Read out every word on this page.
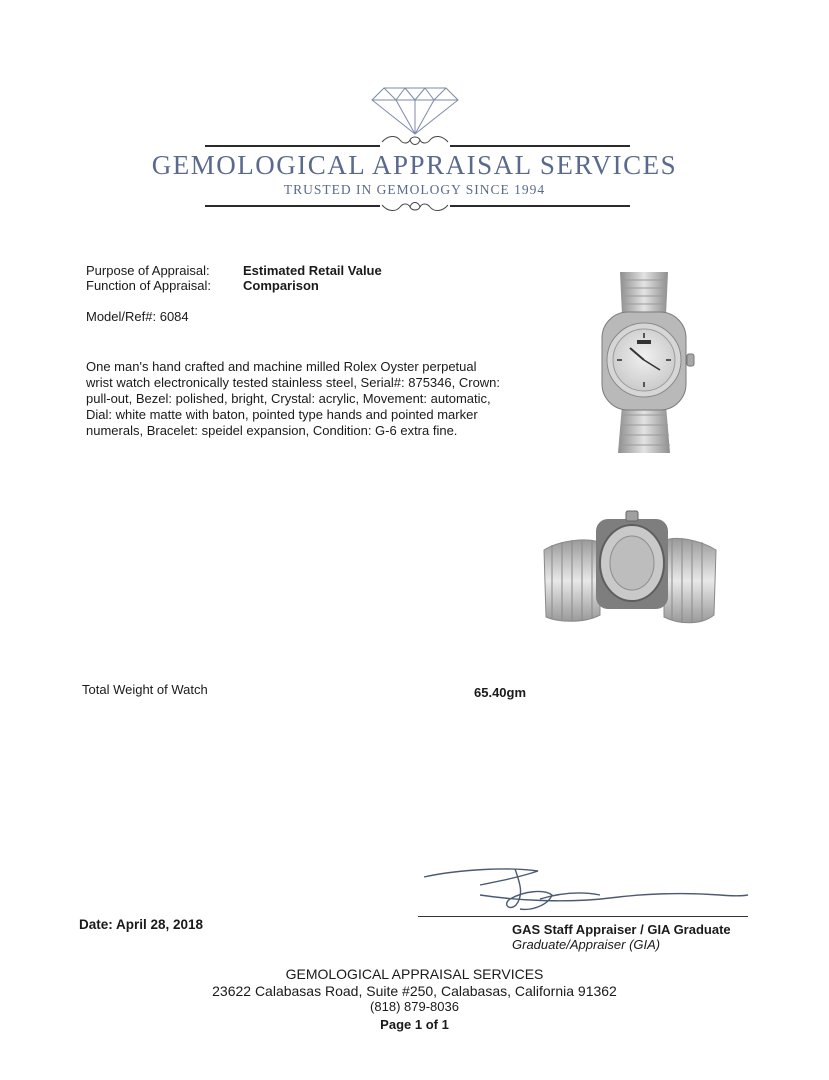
GEMOLOGICAL APPRAISAL SERVICES
TRUSTED IN GEMOLOGY SINCE 1994
Purpose of Appraisal:	Estimated Retail Value
Function of Appraisal: Comparison
Model/Ref#: 6084
One man's hand crafted and machine milled Rolex Oyster perpetual wrist watch electronically tested stainless steel, Serial#: 875346, Crown: pull-out, Bezel: polished, bright, Crystal: acrylic, Movement: automatic, Dial: white matte with baton, pointed type hands and pointed marker numerals, Bracelet: speidel expansion, Condition: G-6 extra fine.
Total Weight of Watch	65.40gm
Date: April 28, 2018	GAS Staff Appraiser / GIA Graduate
Graduate/Appraiser (GIA)
GEMOLOGICAL APPRAISAL SERVICES
23622 Calabasas Road, Suite #250, Calabasas, California 91362
(818) 879-8036
Page 1 of 1
